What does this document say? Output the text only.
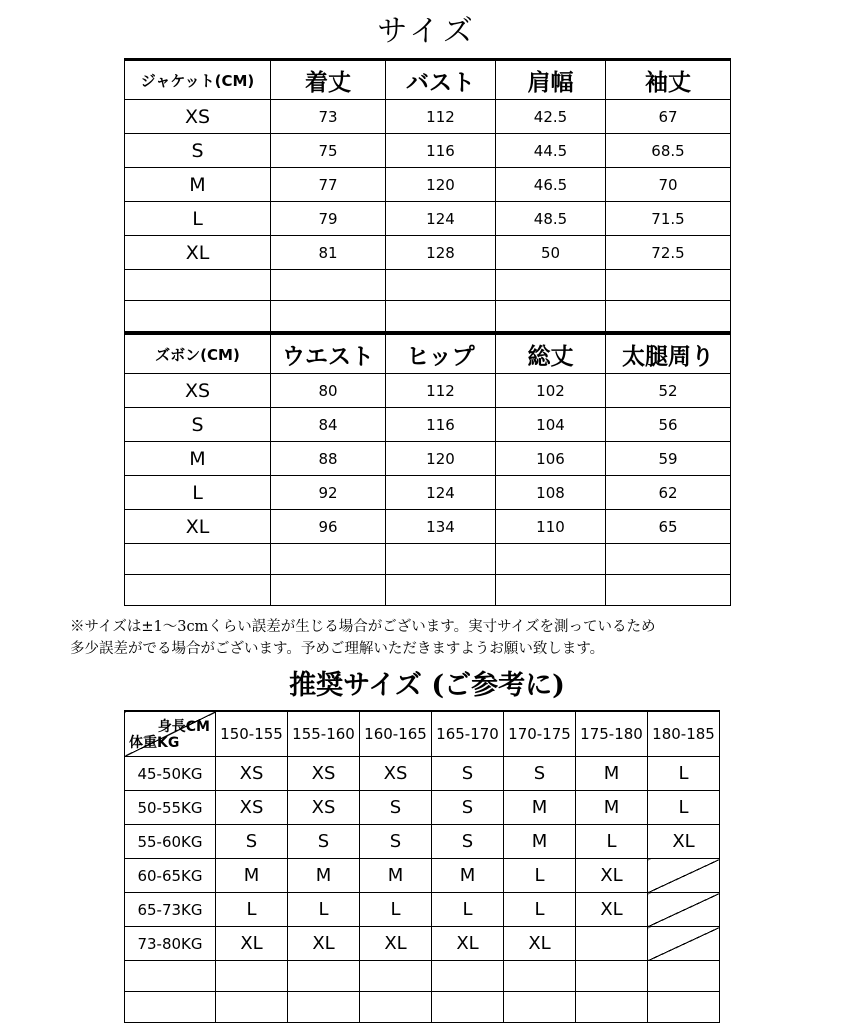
サイズ
ジャケット(CM)	着丈	バスト	肩幅	袖丈
XS	73	112	42.5	67
S	75	116	44.5	68.5
M	77	120	46.5	70
L	79	124	48.5	71.5
XL	81	128	50	72.5

ズボン(CM)	ウエスト	ヒップ	総丈	太腿周り
XS	80	112	102	52
S	84	116	104	56
M	88	120	106	59
L	92	124	108	62
XL	96	134	110	65

※サイズは±1〜3cmくらい誤差が生じる場合がございます。実寸サイズを測っているため
多少誤差がでる場合がございます。予めご理解いただきますようお願い致します。
推奨サイズ (ご参考に)
身長CM
体重KG	150-155	155-160	160-165	165-170	170-175	175-180	180-185
45-50KG	XS	XS	XS	S	S	M	L
50-55KG	XS	XS	S	S	M	M	L
55-60KG	S	S	S	S	M	L	XL
60-65KG	M	M	M	M	L	XL	
65-73KG	L	L	L	L	L	XL	
73-80KG	XL	XL	XL	XL	XL		
